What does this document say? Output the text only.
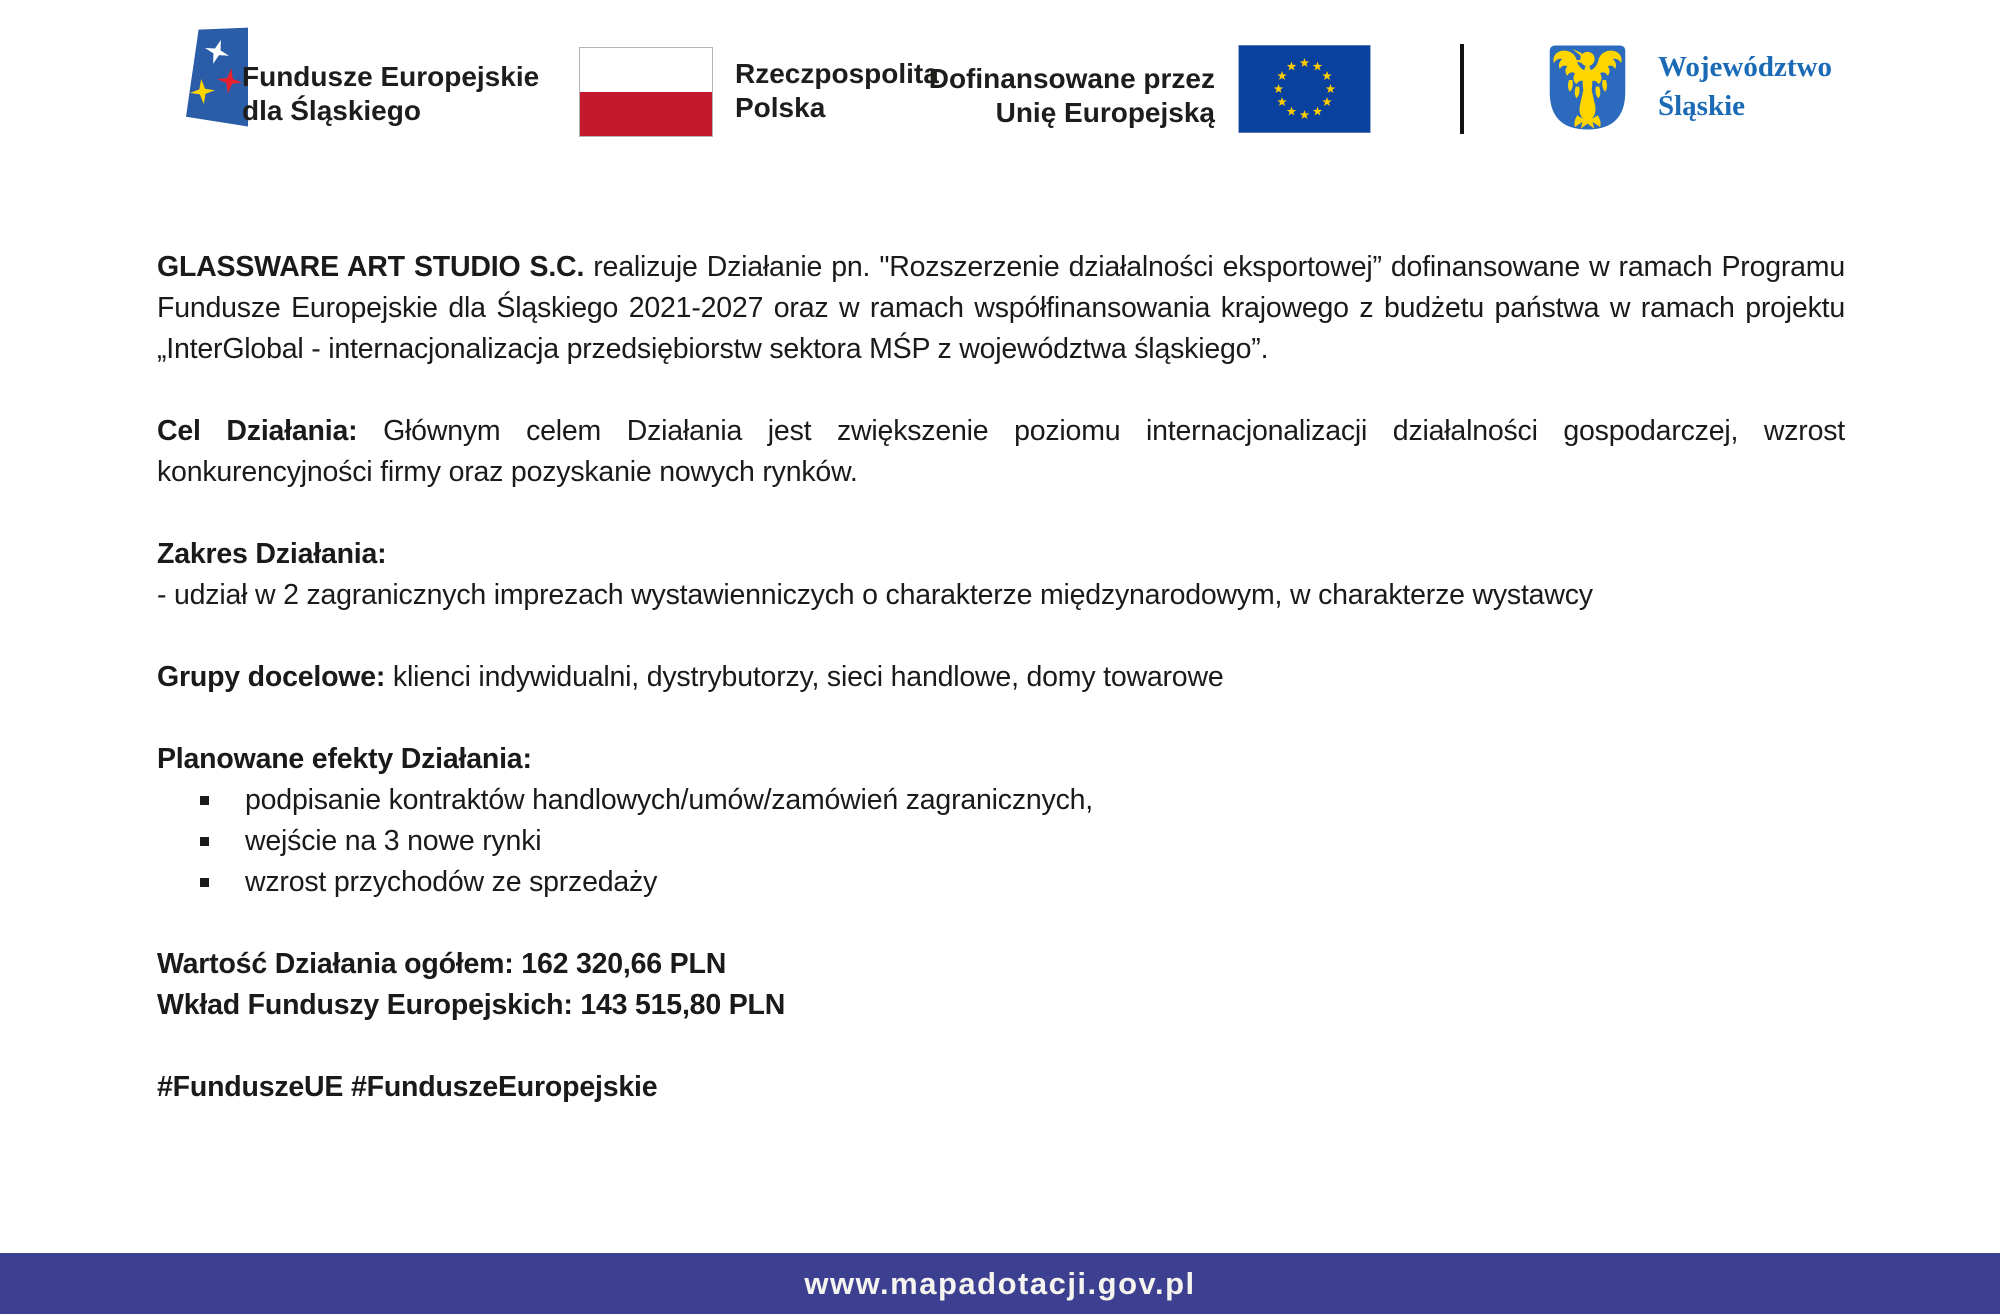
Fundusze Europejskie
dla Śląskiego
Rzeczpospolita
Polska
Dofinansowane przez
Unię Europejską
Województwo
Śląskie

GLASSWARE ART STUDIO S.C. realizuje Działanie pn. "Rozszerzenie działalności eksportowej” dofinansowane w ramach Programu Fundusze Europejskie dla Śląskiego 2021-2027 oraz w ramach współfinansowania krajowego z budżetu państwa w ramach projektu „InterGlobal - internacjonalizacja przedsiębiorstw sektora MŚP z województwa śląskiego”.

Cel Działania: Głównym celem Działania jest zwiększenie poziomu internacjonalizacji działalności gospodarczej, wzrost konkurencyjności firmy oraz pozyskanie nowych rynków.

Zakres Działania:

- udział w 2 zagranicznych imprezach wystawienniczych o charakterze międzynarodowym, w charakterze wystawcy

Grupy docelowe: klienci indywidualni, dystrybutorzy, sieci handlowe, domy towarowe

Planowane efekty Działania:

podpisanie kontraktów handlowych/umów/zamówień zagranicznych,
wejście na 3 nowe rynki
wzrost przychodów ze sprzedaży

Wartość Działania ogółem: 162 320,66 PLN

Wkład Funduszy Europejskich: 143 515,80 PLN

#FunduszeUE #FunduszeEuropejskie

www.mapadotacji.gov.pl
